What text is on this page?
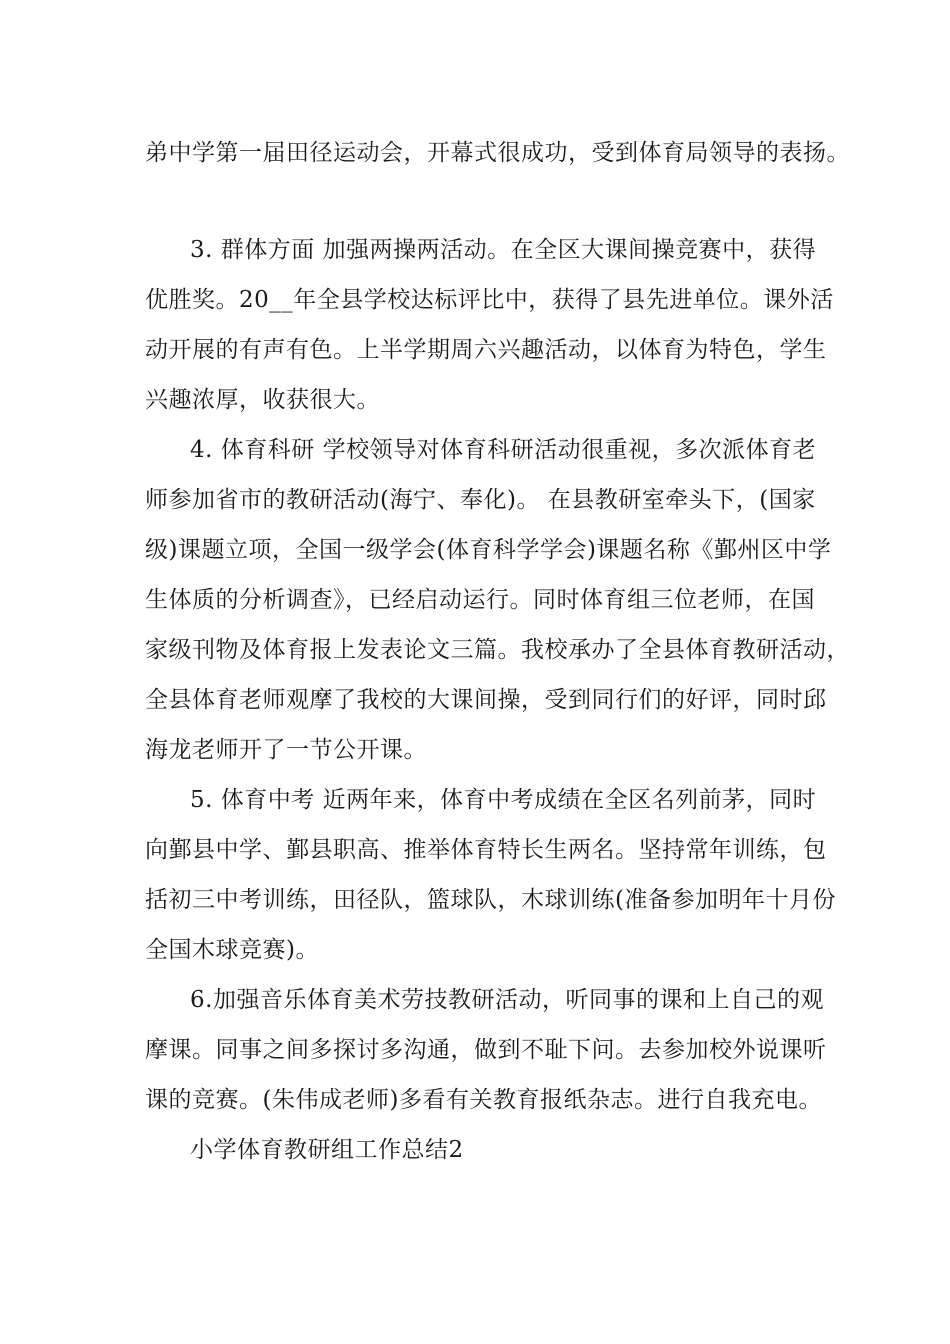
弟中学第一届田径运动会，开幕式很成功，受到体育局领导的表扬。
3. 群体方面 加强两操两活动。在全区大课间操竞赛中，获得
优胜奖。20__年全县学校达标评比中，获得了县先进单位。课外活
动开展的有声有色。上半学期周六兴趣活动，以体育为特色，学生
兴趣浓厚，收获很大。
4. 体育科研 学校领导对体育科研活动很重视，多次派体育老
师参加省市的教研活动(海宁、奉化)。 在县教研室牵头下，(国家
级)课题立项，全国一级学会(体育科学学会)课题名称《鄞州区中学
生体质的分析调查》，已经启动运行。同时体育组三位老师，在国
家级刊物及体育报上发表论文三篇。我校承办了全县体育教研活动，
全县体育老师观摩了我校的大课间操，受到同行们的好评，同时邱
海龙老师开了一节公开课。
5. 体育中考 近两年来，体育中考成绩在全区名列前茅，同时
向鄞县中学、鄞县职高、推举体育特长生两名。坚持常年训练，包
括初三中考训练，田径队，篮球队，木球训练(准备参加明年十月份
全国木球竞赛)。
6.加强音乐体育美术劳技教研活动，听同事的课和上自己的观
摩课。同事之间多探讨多沟通，做到不耻下问。去参加校外说课听
课的竞赛。(朱伟成老师)多看有关教育报纸杂志。进行自我充电。
小学体育教研组工作总结2
